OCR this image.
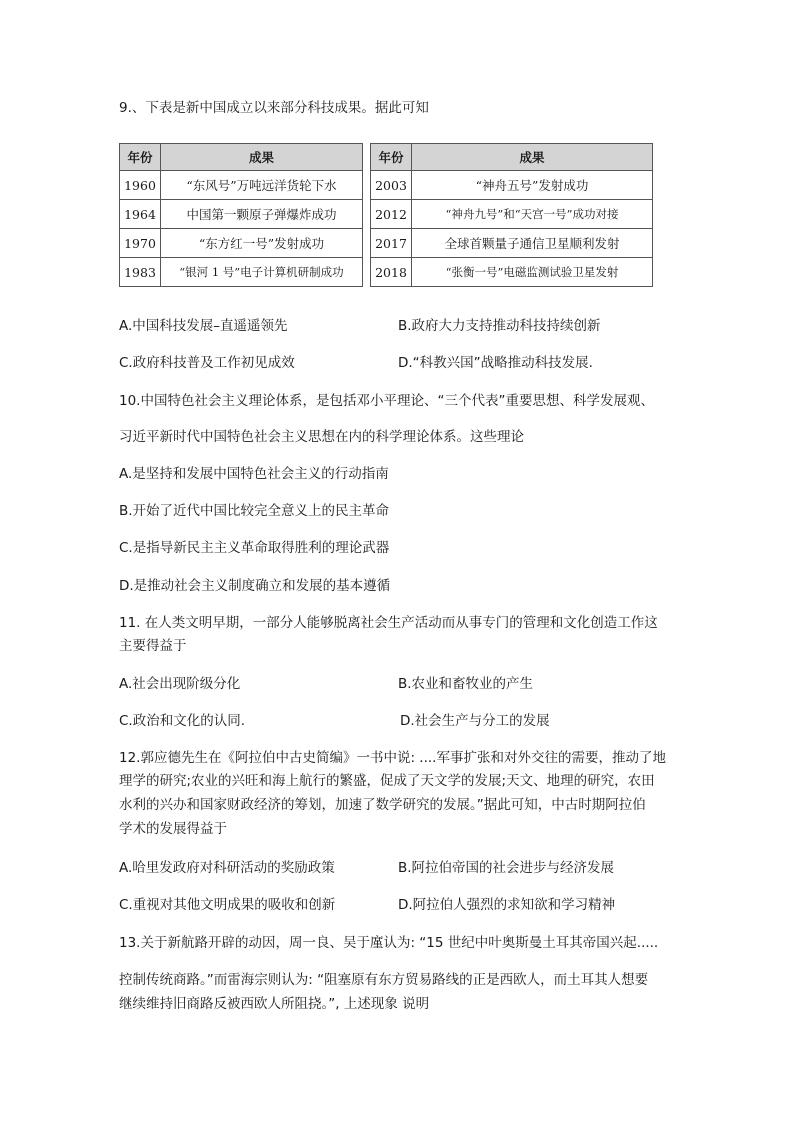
9.、下表是新中国成立以来部分科技成果。据此可知
年份	成果
1960	“东风号”万吨远洋货轮下水
1964	中国第一颗原子弹爆炸成功
1970	“东方红一号”发射成功
1983	“银河 1 号”电子计算机研制成功
年份	成果
2003	“神舟五号”发射成功
2012	“神舟九号”和“天宫一号”成功对接
2017	全球首颗量子通信卫星顺利发射
2018	“张衡一号”电磁监测试验卫星发射
A.中国科技发展–直遥遥领先	B.政府大力支持推动科技持续创新
C.政府科技普及工作初见成效	D.“科教兴国”战略推动科技发展.
10.中国特色社会主义理论体系，是包括邓小平理论、“三个代表”重要思想、科学发展观、
习近平新时代中国特色社会主义思想在内的科学理论体系。这些理论
A.是坚持和发展中国特色社会主义的行动指南
B.开始了近代中国比较完全意义上的民主革命
C.是指导新民主主义革命取得胜利的理论武器
D.是推动社会主义制度确立和发展的基本遵循
11. 在人类文明早期，一部分人能够脱离社会生产活动而从事专门的管理和文化创造工作这
主要得益于
A.社会出现阶级分化	B.农业和畜牧业的产生
C.政治和文化的认同.	D.社会生产与分工的发展
12.郭应德先生在《阿拉伯中古史简编》一书中说: ....军事扩张和对外交往的需要，推动了地
理学的研究;农业的兴旺和海上航行的繁盛，促成了天文学的发展;天文、地理的研究，农田
水利的兴办和国家财政经济的筹划，加速了数学研究的发展。”据此可知，中古时期阿拉伯
学术的发展得益于
A.哈里发政府对科研活动的奖励政策	B.阿拉伯帝国的社会进步与经济发展
C.重视对其他文明成果的吸收和创新	D.阿拉伯人强烈的求知欲和学习精神
13.关于新航路开辟的动因，周一良、吴于廑认为: “15 世纪中叶奥斯曼土耳其帝国兴起.....
控制传统商路。”而雷海宗则认为: “阻塞原有东方贸易路线的正是西欧人，而土耳其人想要
继续维持旧商路反被西欧人所阻挠。”, 上述现象 说明
